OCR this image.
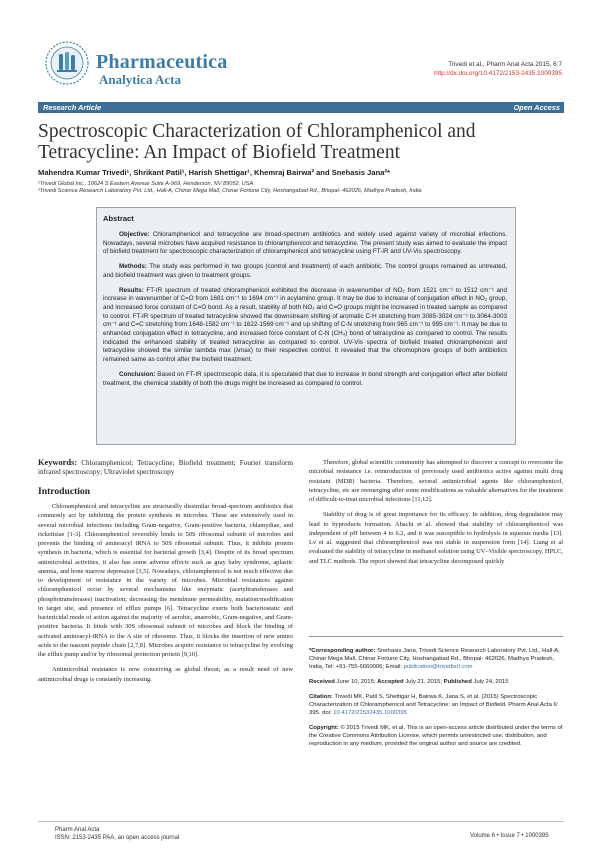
Pharmaceutica
Analytica Acta
Trivedi et al., Pharm Anal Acta 2015, 6:7
http://dx.doi.org/10.4172/2153-2435.1000395
Research Article	Open Access
Spectroscopic Characterization of Chloramphenicol and Tetracycline: An Impact of Biofield Treatment
Mahendra Kumar Trivedi¹, Shrikant Patil¹, Harish Shettigar¹, Khemraj Bairwa² and Snehasis Jana²*
¹Trivedi Global Inc., 10624 S Eastern Avenue Suite A-969, Henderson, NV 89052, USA
²Trivedi Science Research Laboratory Pvt. Ltd., Hall-A, Chinar Mega Mall, Chinar Fortune City, Hoshangabad Rd., Bhopal- 462026, Madhya Pradesh, India
Abstract

Objective: Chloramphenicol and tetracycline are broad-spectrum antibiotics and widely used against variety of microbial infections. Nowadays, several microbes have acquired resistance to chloramphenicol and tetracycline. The present study was aimed to evaluate the impact of biofield treatment for spectroscopic characterization of chloramphenicol and tetracycline using FT-IR and UV-Vis spectroscopy.

Methods: The study was performed in two groups (control and treatment) of each antibiotic. The control groups remained as untreated, and biofield treatment was given to treatment groups.

Results: FT-IR spectrum of treated chloramphenicol exhibited the decrease in wavenumber of NO₂ from 1521 cm⁻¹ to 1512 cm⁻¹ and increase in wavenumber of C=O from 1681 cm⁻¹ to 1694 cm⁻¹ in acylamino group. It may be due to increase of conjugation effect in NO₂ group, and increased force constant of C=O bond. As a result, stability of both NO₂ and C=O groups might be increased in treated sample as compared to control. FT-IR spectrum of treated tetracycline showed the downstream shifting of aromatic C-H stretching from 3085-3024 cm⁻¹ to 3064-3003 cm⁻¹ and C=C stretching from 1648-1582 cm⁻¹ to 1622-1569 cm⁻¹ and up shifting of C-N stretching from 965 cm⁻¹ to 995 cm⁻¹. It may be due to enhanced conjugation effect in tetracycline, and increased force constant of C-N (CH₃) bond of tetracycline as compared to control. The results indicated the enhanced stability of treated tetracycline as compared to control. UV-Vis spectra of biofield treated chloramphenicol and tetracycline showed the similar lambda max (λmax) to their respective control. It revealed that the chromophore groups of both antibiotics remained same as control after the biofield treatment.

Conclusion: Based on FT-IR spectroscopic data, it is speculated that due to increase in bond strength and conjugation effect after biofield treatment, the chemical stability of both the drugs might be increased as compared to control.

Keywords: Chloramphenicol; Tetracycline; Biofield treatment; Fourier transform infrared spectroscopy; Ultraviolet spectroscopy
Introduction

Chloramphenicol and tetracycline are structurally dissimilar broad-spectrum antibiotics that commonly act by inhibiting the protein synthesis in microbes. These are extensively used in several microbial infections including Gram-negative, Gram-positive bacteria, chlamydiae, and rickettsiae [1-3]. Chloramphenicol reversibly binds to 50S ribosomal subunit of microbes and prevents the binding of aminoacyl tRNA to 50S ribosomal subunit. Thus, it inhibits protein synthesis in bacteria, which is essential for bacterial growth [3,4]. Despite of its broad spectrum antimicrobial activities, it also has some adverse effects such as gray baby syndrome, aplastic anemia, and bone marrow depression [3,5]. Nowadays, chloramphenicol is not much effective due to development of resistance in the variety of microbes. Microbial resistances against chloramphenicol occur by several mechanisms like enzymatic (acetyltransferases and phosphotransferases) inactivation; decreasing the membrane permeability, mutation/modification in target site, and presence of efflux pumps [6]. Tetracycline exerts both bacteriostatic and bactericidal mode of action against the majority of aerobic, anaerobic, Gram-negative, and Gram-positive bacteria. It binds with 30S ribosomal subunit of microbes and block the binding of activated aminoacyl-tRNA to the A site of ribosome. Thus, it blocks the insertion of new amino acids to the nascent peptide chain [2,7,8]. Microbes acquire resistance to tetracycline by evolving the efflux pump and/or by ribosomal protection protein [9,10].

Antimicrobial resistance is now conceiving as global threat; as a result need of new antimicrobial drugs is constantly increasing.

Therefore, global scientific community has attempted to discover a concept to overcome the microbial resistance i.e. reintroduction of previously used antibiotics active against multi drug resistant (MDR) bacteria. Therefore, several antimicrobial agents like chloramphenicol, tetracycline, etc are reemerging after some modifications as valuable alternatives for the treatment of difficult-to-treat microbial infections [11,12].

Stability of drug is of great importance for its efficacy. In addition, drug degradation may lead to byproducts formation. Abachi et al. showed that stability of chloramphenicol was independent of pH between 4 to 6.2, and it was susceptible to hydrolysis in aqueous media [13]. Lv et al. suggested that chloramphenicol was not stable in suspension form [14]. Liang et al evaluated the stability of tetracycline in methanol solution using UV–Visible spectroscopy, HPLC, and TLC methods. The report showed that tetracycline decomposed quickly

*Corresponding author: Snehasis Jana, Trivedi Science Research Laboratory Pvt. Ltd., Hall-A, Chinar Mega Mall, Chinar Fortune City, Hoshangabad Rd., Bhopal- 462026, Madhya Pradesh, India, Tel: +91-755-6660006; Email: publication@trivedisrl.com

Received June 10, 2015; Accepted July 21, 2015; Published July 24, 2015

Citation: Trivedi MK, Patil S, Shettigar H, Bairwa K, Jana S, et al. (2015) Spectroscopic Characterization of Chloramphenicol and Tetracycline: an Impact of Biofield. Pharm Anal Acta 6: 395. doi: 10.4172/21532435.1000395

Copyright: © 2015 Trivedi MK, et al. This is an open-access article distributed under the terms of the Creative Commons Attribution License, which permits unrestricted use, distribution, and reproduction in any medium, provided the original author and source are credited.

Pharm Anal Acta
ISSN: 2153-2435 PAA, an open access journal	Volume 6 • Issue 7 • 1000395
